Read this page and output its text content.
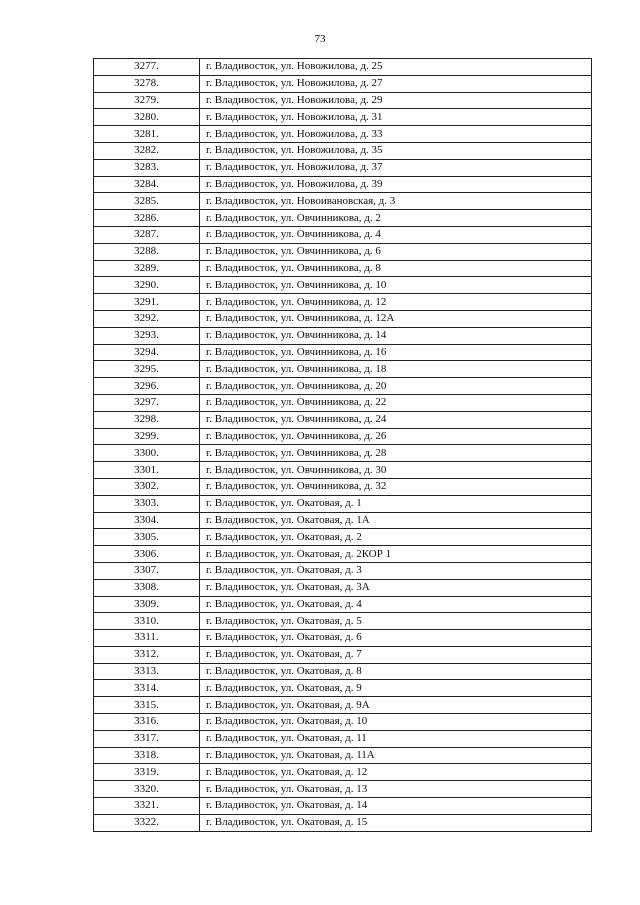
73
3277.	г. Владивосток, ул. Новожилова, д. 25
3278.	г. Владивосток, ул. Новожилова, д. 27
3279.	г. Владивосток, ул. Новожилова, д. 29
3280.	г. Владивосток, ул. Новожилова, д. 31
3281.	г. Владивосток, ул. Новожилова, д. 33
3282.	г. Владивосток, ул. Новожилова, д. 35
3283.	г. Владивосток, ул. Новожилова, д. 37
3284.	г. Владивосток, ул. Новожилова, д. 39
3285.	г. Владивосток, ул. Новоивановская, д. 3
3286.	г. Владивосток, ул. Овчинникова, д. 2
3287.	г. Владивосток, ул. Овчинникова, д. 4
3288.	г. Владивосток, ул. Овчинникова, д. 6
3289.	г. Владивосток, ул. Овчинникова, д. 8
3290.	г. Владивосток, ул. Овчинникова, д. 10
3291.	г. Владивосток, ул. Овчинникова, д. 12
3292.	г. Владивосток, ул. Овчинникова, д. 12А
3293.	г. Владивосток, ул. Овчинникова, д. 14
3294.	г. Владивосток, ул. Овчинникова, д. 16
3295.	г. Владивосток, ул. Овчинникова, д. 18
3296.	г. Владивосток, ул. Овчинникова, д. 20
3297.	г. Владивосток, ул. Овчинникова, д. 22
3298.	г. Владивосток, ул. Овчинникова, д. 24
3299.	г. Владивосток, ул. Овчинникова, д. 26
3300.	г. Владивосток, ул. Овчинникова, д. 28
3301.	г. Владивосток, ул. Овчинникова, д. 30
3302.	г. Владивосток, ул. Овчинникова, д. 32
3303.	г. Владивосток, ул. Окатовая, д. 1
3304.	г. Владивосток, ул. Окатовая, д. 1А
3305.	г. Владивосток, ул. Окатовая, д. 2
3306.	г. Владивосток, ул. Окатовая, д. 2КОР 1
3307.	г. Владивосток, ул. Окатовая, д. 3
3308.	г. Владивосток, ул. Окатовая, д. 3А
3309.	г. Владивосток, ул. Окатовая, д. 4
3310.	г. Владивосток, ул. Окатовая, д. 5
3311.	г. Владивосток, ул. Окатовая, д. 6
3312.	г. Владивосток, ул. Окатовая, д. 7
3313.	г. Владивосток, ул. Окатовая, д. 8
3314.	г. Владивосток, ул. Окатовая, д. 9
3315.	г. Владивосток, ул. Окатовая, д. 9А
3316.	г. Владивосток, ул. Окатовая, д. 10
3317.	г. Владивосток, ул. Окатовая, д. 11
3318.	г. Владивосток, ул. Окатовая, д. 11А
3319.	г. Владивосток, ул. Окатовая, д. 12
3320.	г. Владивосток, ул. Окатовая, д. 13
3321.	г. Владивосток, ул. Окатовая, д. 14
3322.	г. Владивосток, ул. Окатовая, д. 15
